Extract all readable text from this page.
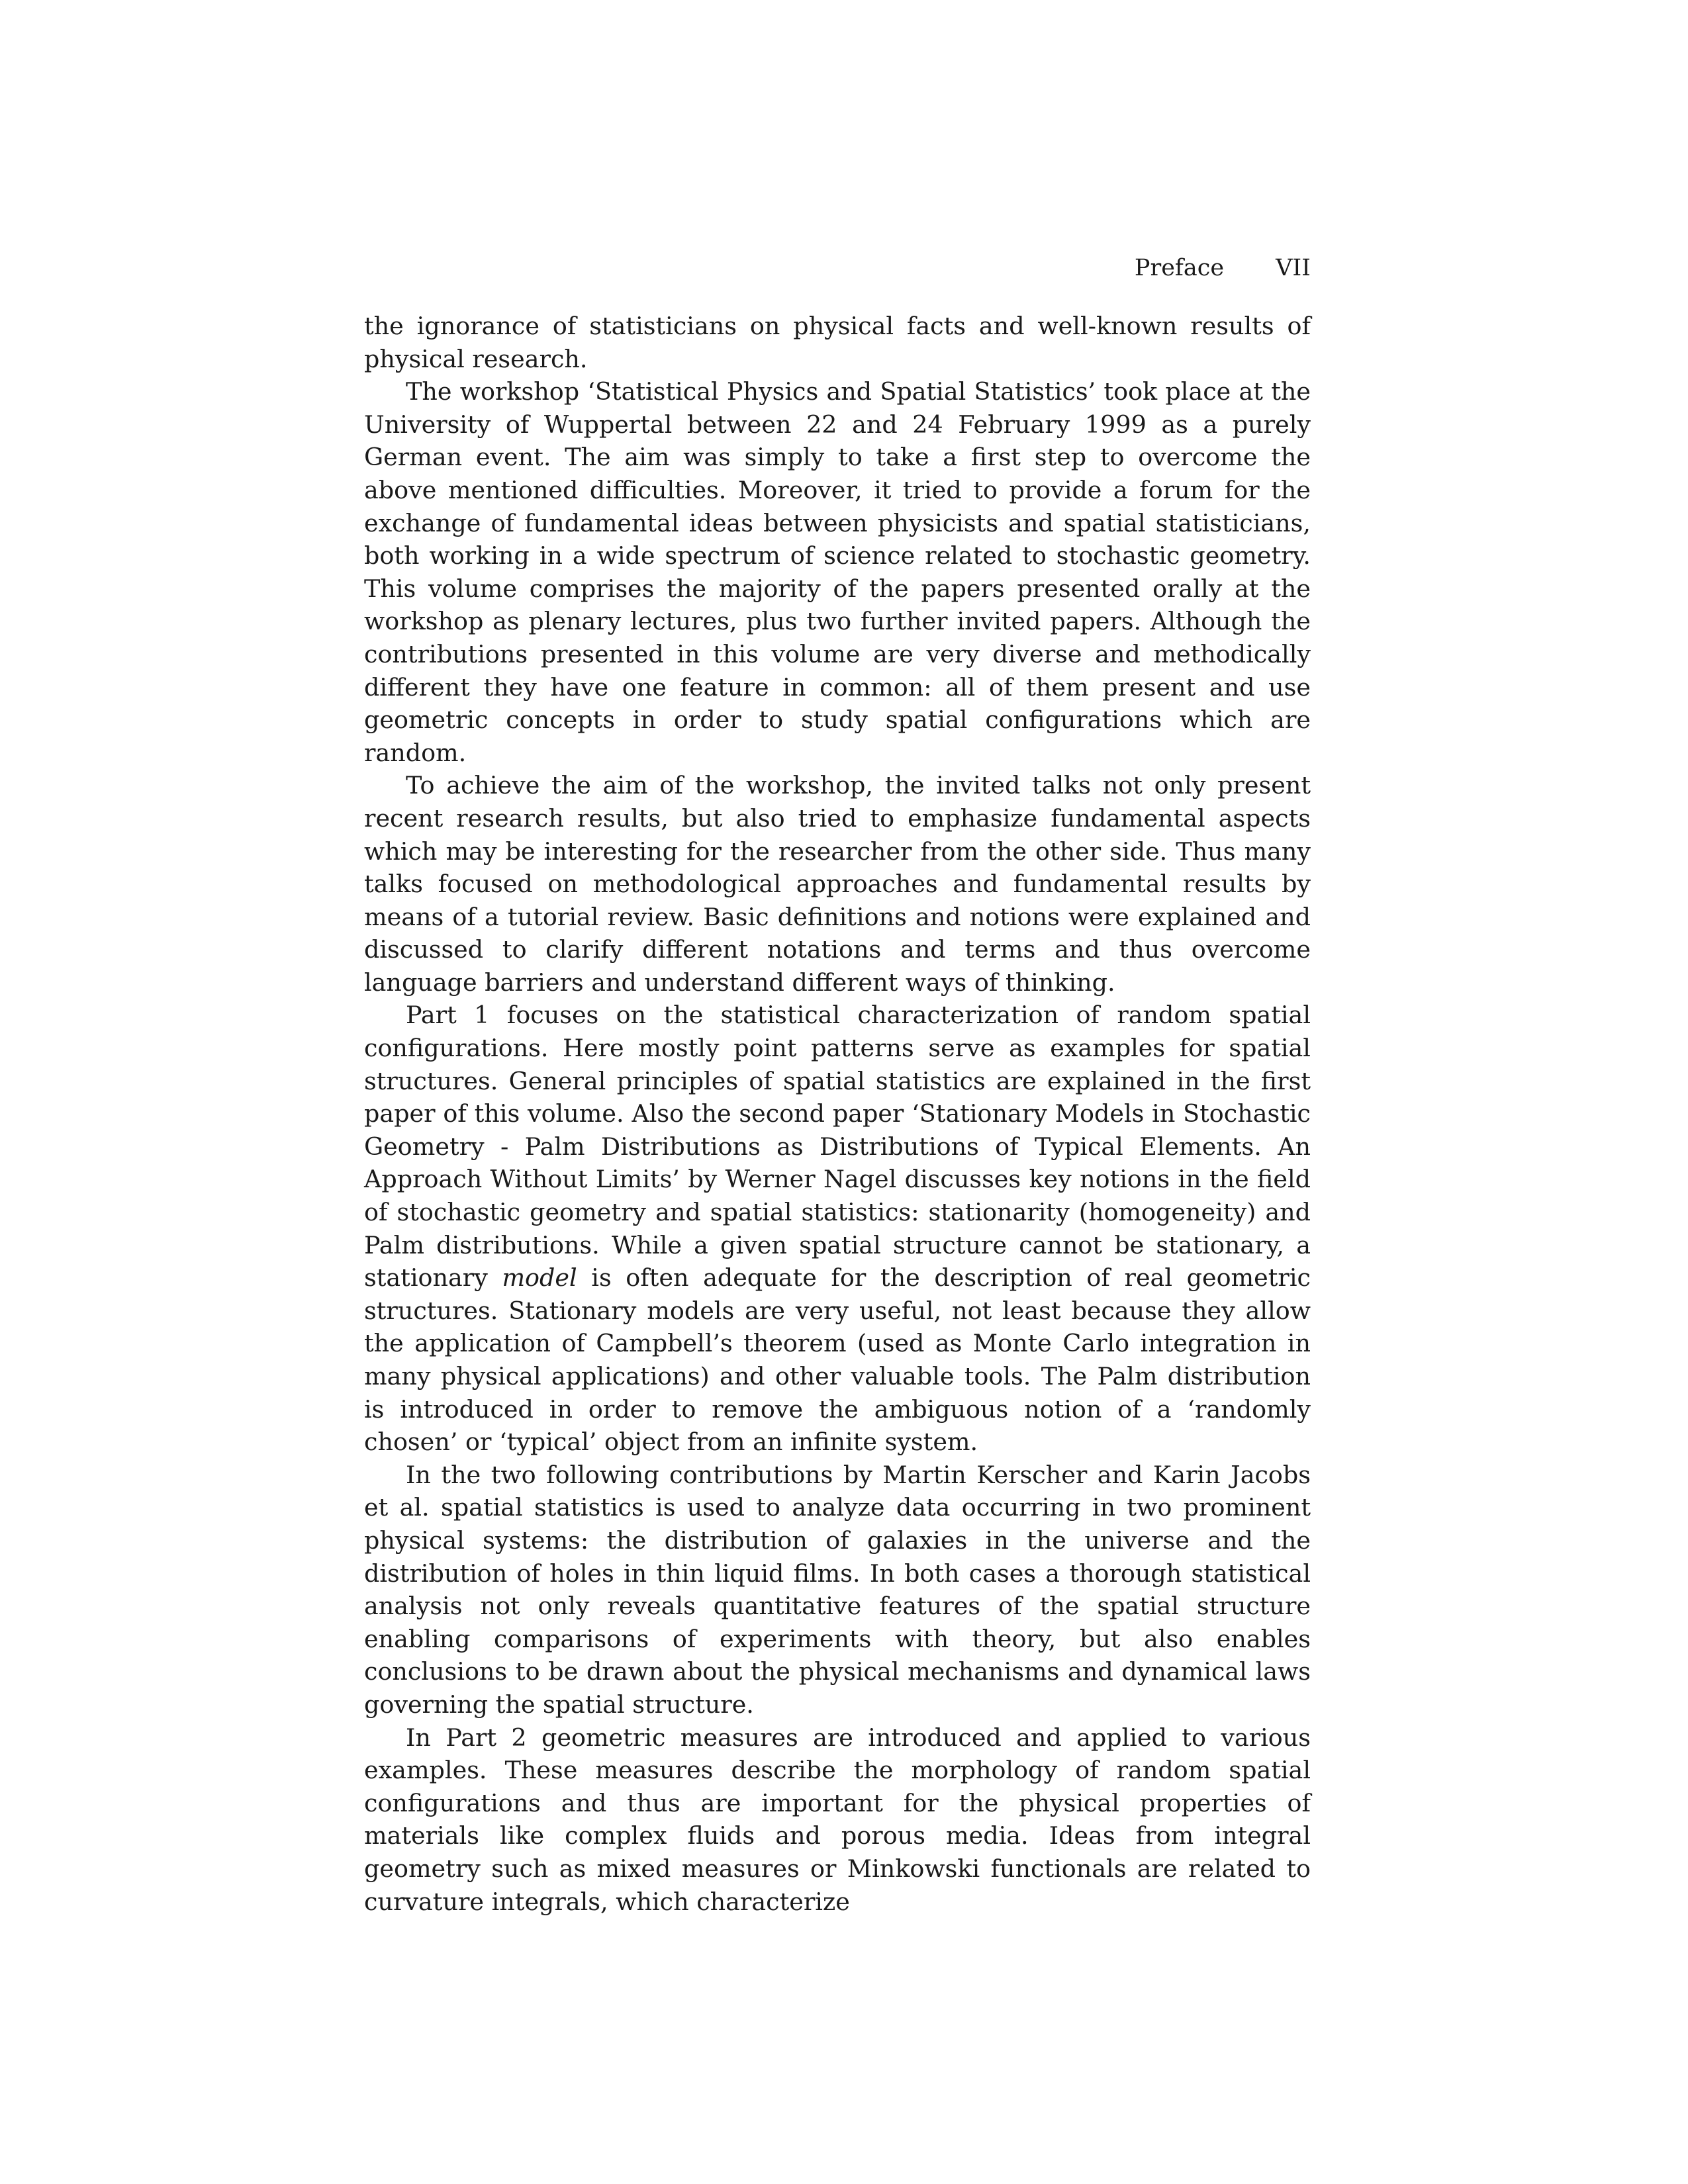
Preface VII

the ignorance of statisticians on physical facts and well-known results of physical research.

The workshop ‘Statistical Physics and Spatial Statistics’ took place at the University of Wuppertal between 22 and 24 February 1999 as a purely German event. The aim was simply to take a first step to overcome the above mentioned difficulties. Moreover, it tried to provide a forum for the exchange of fundamental ideas between physicists and spatial statisticians, both working in a wide spectrum of science related to stochastic geometry. This volume comprises the majority of the papers presented orally at the workshop as plenary lectures, plus two further invited papers. Although the contributions presented in this volume are very diverse and methodically different they have one feature in common: all of them present and use geometric concepts in order to study spatial configurations which are random.

To achieve the aim of the workshop, the invited talks not only present recent research results, but also tried to emphasize fundamental aspects which may be interesting for the researcher from the other side. Thus many talks focused on methodological approaches and fundamental results by means of a tutorial review. Basic definitions and notions were explained and discussed to clarify different notations and terms and thus overcome language barriers and understand different ways of thinking.

Part 1 focuses on the statistical characterization of random spatial configurations. Here mostly point patterns serve as examples for spatial structures. General principles of spatial statistics are explained in the first paper of this volume. Also the second paper ‘Stationary Models in Stochastic Geometry - Palm Distributions as Distributions of Typical Elements. An Approach Without Limits’ by Werner Nagel discusses key notions in the field of stochastic geometry and spatial statistics: stationarity (homogeneity) and Palm distributions. While a given spatial structure cannot be stationary, a stationary model is often adequate for the description of real geometric structures. Stationary models are very useful, not least because they allow the application of Campbell’s theorem (used as Monte Carlo integration in many physical applications) and other valuable tools. The Palm distribution is introduced in order to remove the ambiguous notion of a ‘randomly chosen’ or ‘typical’ object from an infinite system.

In the two following contributions by Martin Kerscher and Karin Jacobs et al. spatial statistics is used to analyze data occurring in two prominent physical systems: the distribution of galaxies in the universe and the distribution of holes in thin liquid films. In both cases a thorough statistical analysis not only reveals quantitative features of the spatial structure enabling comparisons of experiments with theory, but also enables conclusions to be drawn about the physical mechanisms and dynamical laws governing the spatial structure.

In Part 2 geometric measures are introduced and applied to various examples. These measures describe the morphology of random spatial configurations and thus are important for the physical properties of materials like complex fluids and porous media. Ideas from integral geometry such as mixed measures or Minkowski functionals are related to curvature integrals, which characterize
